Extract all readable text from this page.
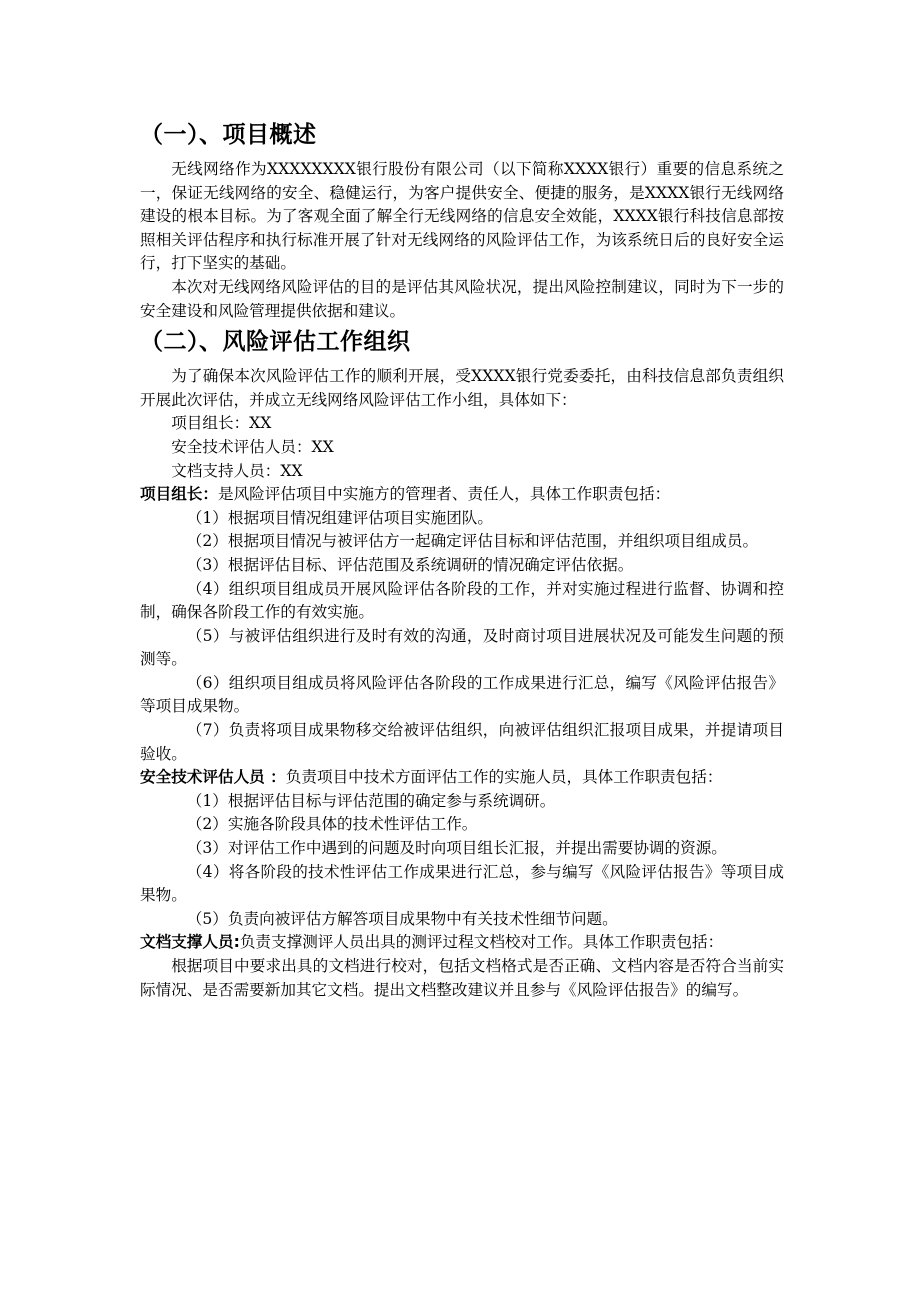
（一）、项目概述

无线网络作为XXXXXXXX银行股份有限公司（以下简称XXXX银行）重要的信息系统之一，保证无线网络的安全、稳健运行，为客户提供安全、便捷的服务，是XXXX银行无线网络建设的根本目标。为了客观全面了解全行无线网络的信息安全效能，XXXX银行科技信息部按照相关评估程序和执行标准开展了针对无线网络的风险评估工作，为该系统日后的良好安全运行，打下坚实的基础。

本次对无线网络风险评估的目的是评估其风险状况，提出风险控制建议，同时为下一步的安全建设和风险管理提供依据和建议。

（二）、风险评估工作组织

为了确保本次风险评估工作的顺利开展，受XXXX银行党委委托，由科技信息部负责组织开展此次评估，并成立无线网络风险评估工作小组，具体如下：

项目组长：XX

安全技术评估人员：XX

文档支持人员：XX

项目组长：是风险评估项目中实施方的管理者、责任人，具体工作职责包括：

（1）根据项目情况组建评估项目实施团队。

（2）根据项目情况与被评估方一起确定评估目标和评估范围，并组织项目组成员。

（3）根据评估目标、评估范围及系统调研的情况确定评估依据。

（4）组织项目组成员开展风险评估各阶段的工作，并对实施过程进行监督、协调和控制，确保各阶段工作的有效实施。

（5）与被评估组织进行及时有效的沟通，及时商讨项目进展状况及可能发生问题的预测等。

（6）组织项目组成员将风险评估各阶段的工作成果进行汇总，编写《风险评估报告》等项目成果物。

（7）负责将项目成果物移交给被评估组织，向被评估组织汇报项目成果，并提请项目验收。

安全技术评估人员 ：负责项目中技术方面评估工作的实施人员，具体工作职责包括：

（1）根据评估目标与评估范围的确定参与系统调研。

（2）实施各阶段具体的技术性评估工作。

（3）对评估工作中遇到的问题及时向项目组长汇报，并提出需要协调的资源。

（4）将各阶段的技术性评估工作成果进行汇总，参与编写《风险评估报告》等项目成果物。

（5）负责向被评估方解答项目成果物中有关技术性细节问题。

文档支撑人员:负责支撑测评人员出具的测评过程文档校对工作。具体工作职责包括：

根据项目中要求出具的文档进行校对，包括文档格式是否正确、文档内容是否符合当前实际情况、是否需要新加其它文档。提出文档整改建议并且参与《风险评估报告》的编写。
